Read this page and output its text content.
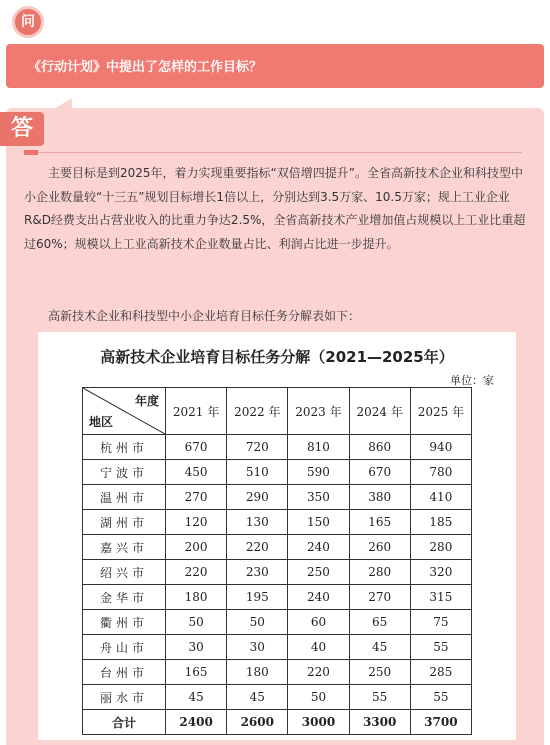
问
《行动计划》中提出了怎样的工作目标？
答
主要目标是到2025年，着力实现重要指标“双倍增四提升”。全省高新技术企业和科技型中小企业数量较“十三五”规划目标增长1倍以上，分别达到3.5万家、10.5万家；规上工业企业R&D经费支出占营业收入的比重力争达2.5%，全省高新技术产业增加值占规模以上工业比重超过60%；规模以上工业高新技术企业数量占比、利润占比进一步提升。
高新技术企业和科技型中小企业培育目标任务分解表如下：
高新技术企业培育目标任务分解（2021—2025年）
单位：家
年度
地区	2021 年	2022 年	2023 年	2024 年	2025 年
杭州市	670	720	810	860	940
宁波市	450	510	590	670	780
温州市	270	290	350	380	410
湖州市	120	130	150	165	185
嘉兴市	200	220	240	260	280
绍兴市	220	230	250	280	320
金华市	180	195	240	270	315
衢州市	50	50	60	65	75
舟山市	30	30	40	45	55
台州市	165	180	220	250	285
丽水市	45	45	50	55	55
合计	2400	2600	3000	3300	3700
